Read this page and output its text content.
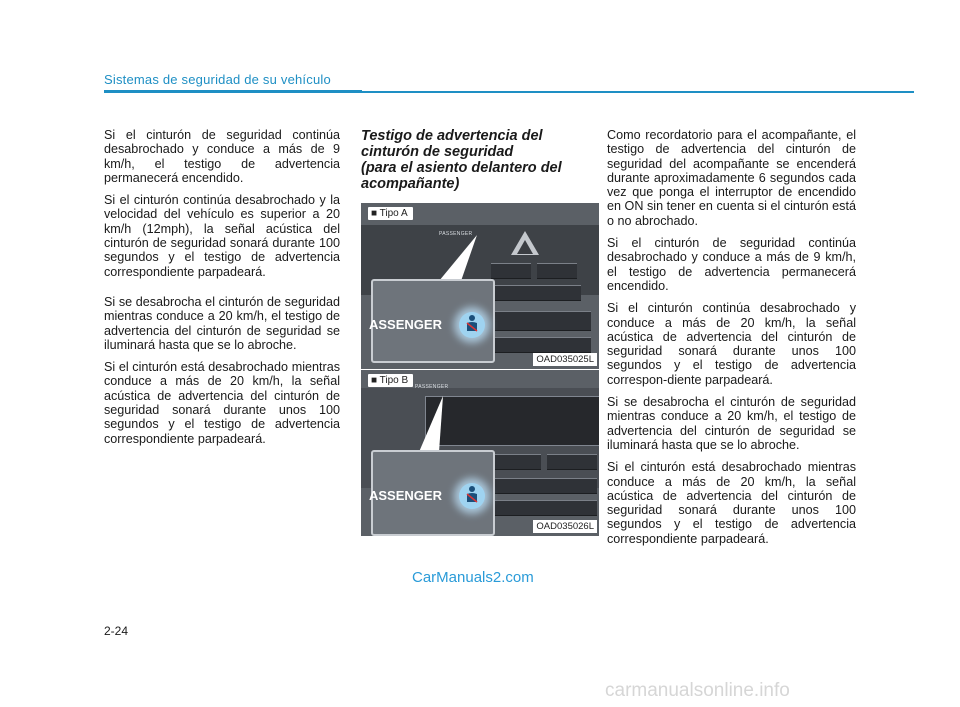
Sistemas de seguridad de su vehículo

Si el cinturón de seguridad continúa desabrochado y conduce a más de 9 km/h, el testigo de advertencia permanecerá encendido.

Si el cinturón continúa desabrochado y la velocidad del vehículo es superior a 20 km/h (12mph), la señal acústica del cinturón de seguridad sonará durante 100 segundos y el testigo de advertencia correspondiente parpadeará.

Si se desabrocha el cinturón de seguridad mientras conduce a 20 km/h, el testigo de advertencia del cinturón de seguridad se iluminará hasta que se lo abroche.

Si el cinturón está desabrochado mientras conduce a más de 20 km/h, la señal acústica de advertencia del cinturón de seguridad sonará durante unos 100 segundos y el testigo de advertencia correspondiente parpadeará.

Testigo de advertencia del
cinturón de seguridad
(para el asiento delantero del
acompañante)
PASSENGER
ASSENGER
■ Tipo A
OAD035025L
PASSENGER
ASSENGER
■ Tipo B
OAD035026L

Como recordatorio para el acompañante, el testigo de advertencia del cinturón de seguridad del acompañante se encenderá durante aproximadamente 6 segundos cada vez que ponga el interruptor de encendido en ON sin tener en cuenta si el cinturón está o no abrochado.

Si el cinturón de seguridad continúa desabrochado y conduce a más de 9 km/h, el testigo de advertencia permanecerá encendido.

Si el cinturón continúa desabrochado y conduce a más de 20 km/h, la señal acústica de advertencia del cinturón de seguridad sonará durante unos 100 segundos y el testigo de advertencia correspon-diente parpadeará.

Si se desabrocha el cinturón de seguridad mientras conduce a 20 km/h, el testigo de advertencia del cinturón de seguridad se iluminará hasta que se lo abroche.

Si el cinturón está desabrochado mientras conduce a más de 20 km/h, la señal acústica de advertencia del cinturón de seguridad sonará durante unos 100 segundos y el testigo de advertencia correspondiente parpadeará.

CarManuals2.com
2-24
carmanualsonline.info
